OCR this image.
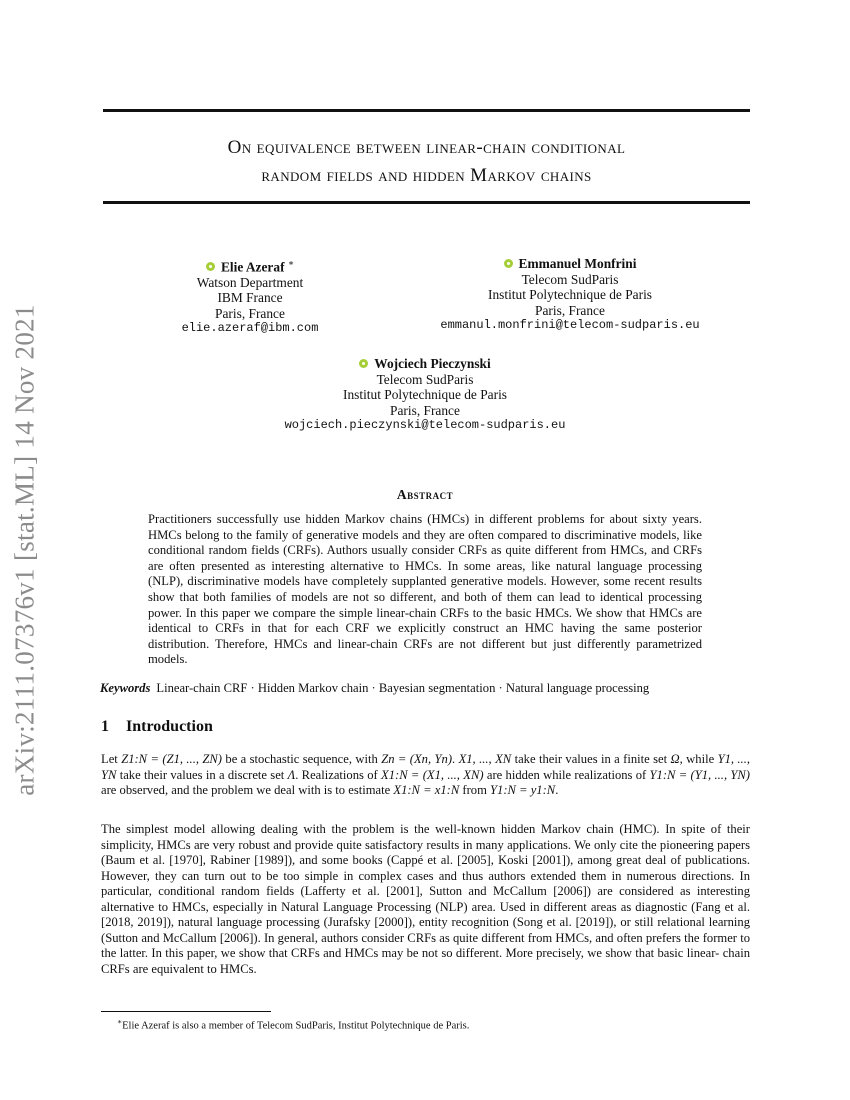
arXiv:2111.07376v1 [stat.ML] 14 Nov 2021
On equivalence between linear-chain conditional
random fields and hidden Markov chains
Elie Azeraf ∗
Watson Department
IBM France
Paris, France
elie.azeraf@ibm.com
Emmanuel Monfrini
Telecom SudParis
Institut Polytechnique de Paris
Paris, France
emmanul.monfrini@telecom-sudparis.eu
Wojciech Pieczynski
Telecom SudParis
Institut Polytechnique de Paris
Paris, France
wojciech.pieczynski@telecom-sudparis.eu
Abstract
Practitioners successfully use hidden Markov chains (HMCs) in different problems for about sixty years. HMCs belong to the family of generative models and they are often compared to discriminative models, like conditional random fields (CRFs). Authors usually consider CRFs as quite different from HMCs, and CRFs are often presented as interesting alternative to HMCs. In some areas, like natural language processing (NLP), discriminative models have completely supplanted generative models. However, some recent results show that both families of models are not so different, and both of them can lead to identical processing power. In this paper we compare the simple linear-chain CRFs to the basic HMCs. We show that HMCs are identical to CRFs in that for each CRF we explicitly construct an HMC having the same posterior distribution. Therefore, HMCs and linear-chain CRFs are not different but just differently parametrized models.
Keywords Linear-chain CRF · Hidden Markov chain · Bayesian segmentation · Natural language processing
1 Introduction

Let Z1:N = (Z1, ..., ZN) be a stochastic sequence, with Zn = (Xn, Yn). X1, ..., XN take their values in a finite set Ω, while Y1, ..., YN take their values in a discrete set Λ. Realizations of X1:N = (X1, ..., XN) are hidden while realizations of Y1:N = (Y1, ..., YN) are observed, and the problem we deal with is to estimate X1:N = x1:N from Y1:N = y1:N.

The simplest model allowing dealing with the problem is the well-known hidden Markov chain (HMC). In spite of their simplicity, HMCs are very robust and provide quite satisfactory results in many applications. We only cite the pioneering papers (Baum et al. [1970], Rabiner [1989]), and some books (Cappé et al. [2005], Koski [2001]), among great deal of publications. However, they can turn out to be too simple in complex cases and thus authors extended them in numerous directions. In particular, conditional random fields (Lafferty et al. [2001], Sutton and McCallum [2006]) are considered as interesting alternative to HMCs, especially in Natural Language Processing (NLP) area. Used in different areas as diagnostic (Fang et al. [2018, 2019]), natural language processing (Jurafsky [2000]), entity recognition (Song et al. [2019]), or still relational learning (Sutton and McCallum [2006]). In general, authors consider CRFs as quite different from HMCs, and often prefers the former to the latter. In this paper, we show that CRFs and HMCs may be not so different. More precisely, we show that basic linear- chain CRFs are equivalent to HMCs.

∗Elie Azeraf is also a member of Telecom SudParis, Institut Polytechnique de Paris.
